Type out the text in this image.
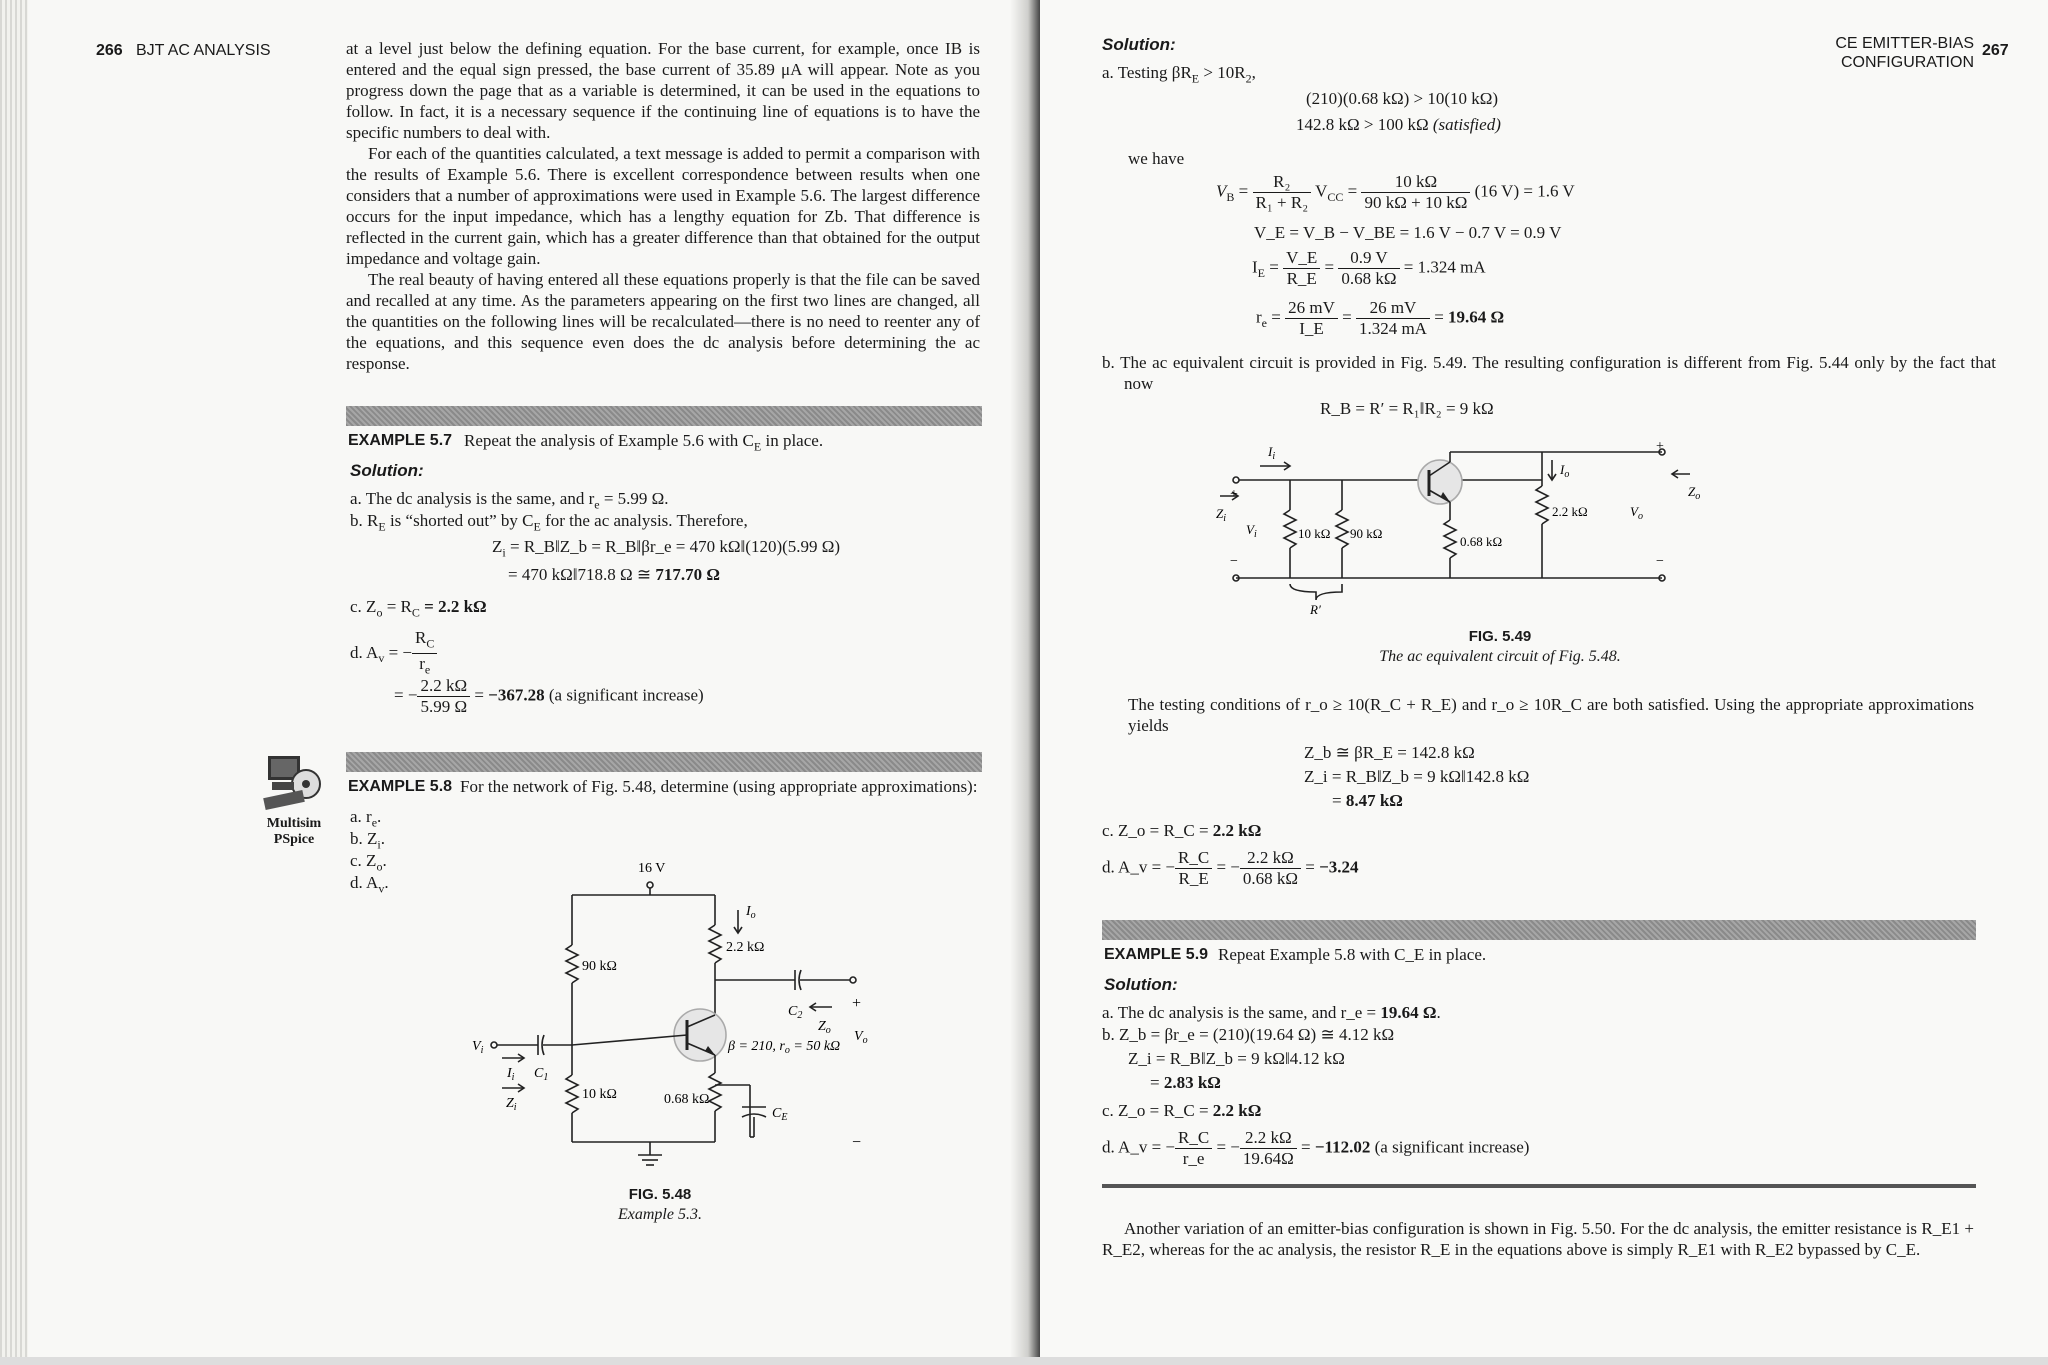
266 BJT AC ANALYSIS	at a level just below the defining equation. For the base current, for example, once IB is entered and the equal sign pressed, the base current of 35.89 μA will appear. Note as you progress down the page that as a variable is determined, it can be used in the equations to follow. In fact, it is a necessary sequence if the continuing line of equations is to have the specific numbers to deal with.
For each of the quantities calculated, a text message is added to permit a comparison with the results of Example 5.6. There is excellent correspondence between results when one considers that a number of approximations were used in Example 5.6. The largest difference occurs for the input impedance, which has a lengthy equation for Zb. That difference is reflected in the current gain, which has a greater difference than that obtained for the output impedance and voltage gain.
The real beauty of having entered all these equations properly is that the file can be saved and recalled at any time. As the parameters appearing on the first two lines are changed, all the quantities on the following lines will be recalculated—there is no need to reenter any of the equations, and this sequence even does the dc analysis before determining the ac response.
EXAMPLE 5.7 Repeat the analysis of Example 5.6 with $C_E$ in place.
Solution:
a. The dc analysis is the same, and $r_e = 5.99$ Ω.
b. $R_E$ is “shorted out” by $C_E$ for the ac analysis. Therefore,
$Z_i$ = R_B‖Z_b = R_B‖βr_e = 470 kΩ‖(120)(5.99 Ω)
= 470 kΩ‖718.8 Ω ≅ 717.70 Ω
c. $Z_o = R_C = 2.2$ kΩ
d. $A_v$ = − $\frac{R_C}{r_e}$
= − $\frac{2.2 k\Omega}{5.99 \Omega} = -367.28$ (a significant increase)
Multisim
PSpice
EXAMPLE 5.8 For the network of Fig. 5.48, determine (using appropriate approximations):
a. $r_e$.
b. $Z_i$.
c. $Z_o$.
d. $A_v$.
16 V
90 kΩ
2.2 kΩ
10 kΩ	0.68 kΩ
β = 210, $r_o = 50$ kΩ
$I_o$
$V_i$
$I_i$ $C_1$
$Z_i$
$C_2$
$Z_o$ $V_o$
$C_E$
+
−
FIG. 5.48
Example 5.3.
Solution:	CE EMITTER-BIAS
CONFIGURATION
267
a. Testing $\beta R_E > 10R_2$,
(210)(0.68 kΩ) > 10(10 kΩ)
142.8 kΩ > 100 kΩ (satisfied)
we have
$V_B = \frac{\text{R₂}}{\text{R₁ + R₂}} V_{CC} = \frac{10 k\Omega}{90 k\Omega + 10 k\Omega} (16$ V) = 1.6 V
V_E = V_B − V_BE = 1.6 V − 0.7 V = 0.9 V
$I_E = \frac{V\_E}{R\_E} = \frac{0.9 V}{0.68 k\Omega} = 1.324$ mA
$r_e = \frac{26 mV}{I\_E} = \frac{26 mV}{1.324 mA} = 19.64$ Ω
b. The ac equivalent circuit is provided in Fig. 5.49. The resulting configuration is different from Fig. 5.44 only by the fact that now
R_B = R′ = R₁‖R₂ = 9 kΩ
10 kΩ 90 kΩ
0.68 kΩ
2.2 kΩ
R′
$I_i$
$I_o$
$Z_i$
$V_i$
$Z_o$
$V_o$
+
−
+
−
FIG. 5.49
The ac equivalent circuit of Fig. 5.48.
The testing conditions of r_o ≥ 10(R_C + R_E) and r_o ≥ 10R_C are both satisfied. Using the appropriate approximations yields
Z_b ≅ βR_E = 142.8 kΩ
Z_i = R_B‖Z_b = 9 kΩ‖142.8 kΩ
= 8.47 kΩ
c. Z_o = R_C = 2.2 kΩ
d. A_v = − $\frac{R\_C}{R\_E}$ = − $\frac{2.2 k\Omega}{0.68 k\Omega} = -3.24$
EXAMPLE 5.9 Repeat Example 5.8 with C_E in place.
Solution:
a. The dc analysis is the same, and r_e = 19.64 Ω.
b. Z_b = βr_e = (210)(19.64 Ω) ≅ 4.12 kΩ
Z_i = R_B‖Z_b = 9 kΩ‖4.12 kΩ
= 2.83 kΩ
c. Z_o = R_C = 2.2 kΩ
d. A_v = − $\frac{R\_C}{r\_e}$ = − $\frac{2.2 k\Omega}{19.64\Omega} = -112.02$ (a significant increase)
Another variation of an emitter-bias configuration is shown in Fig. 5.50. For the dc analysis, the emitter resistance is R_E1 + R_E2, whereas for the ac analysis, the resistor R_E in the equations above is simply R_E1 with R_E2 bypassed by C_E.
